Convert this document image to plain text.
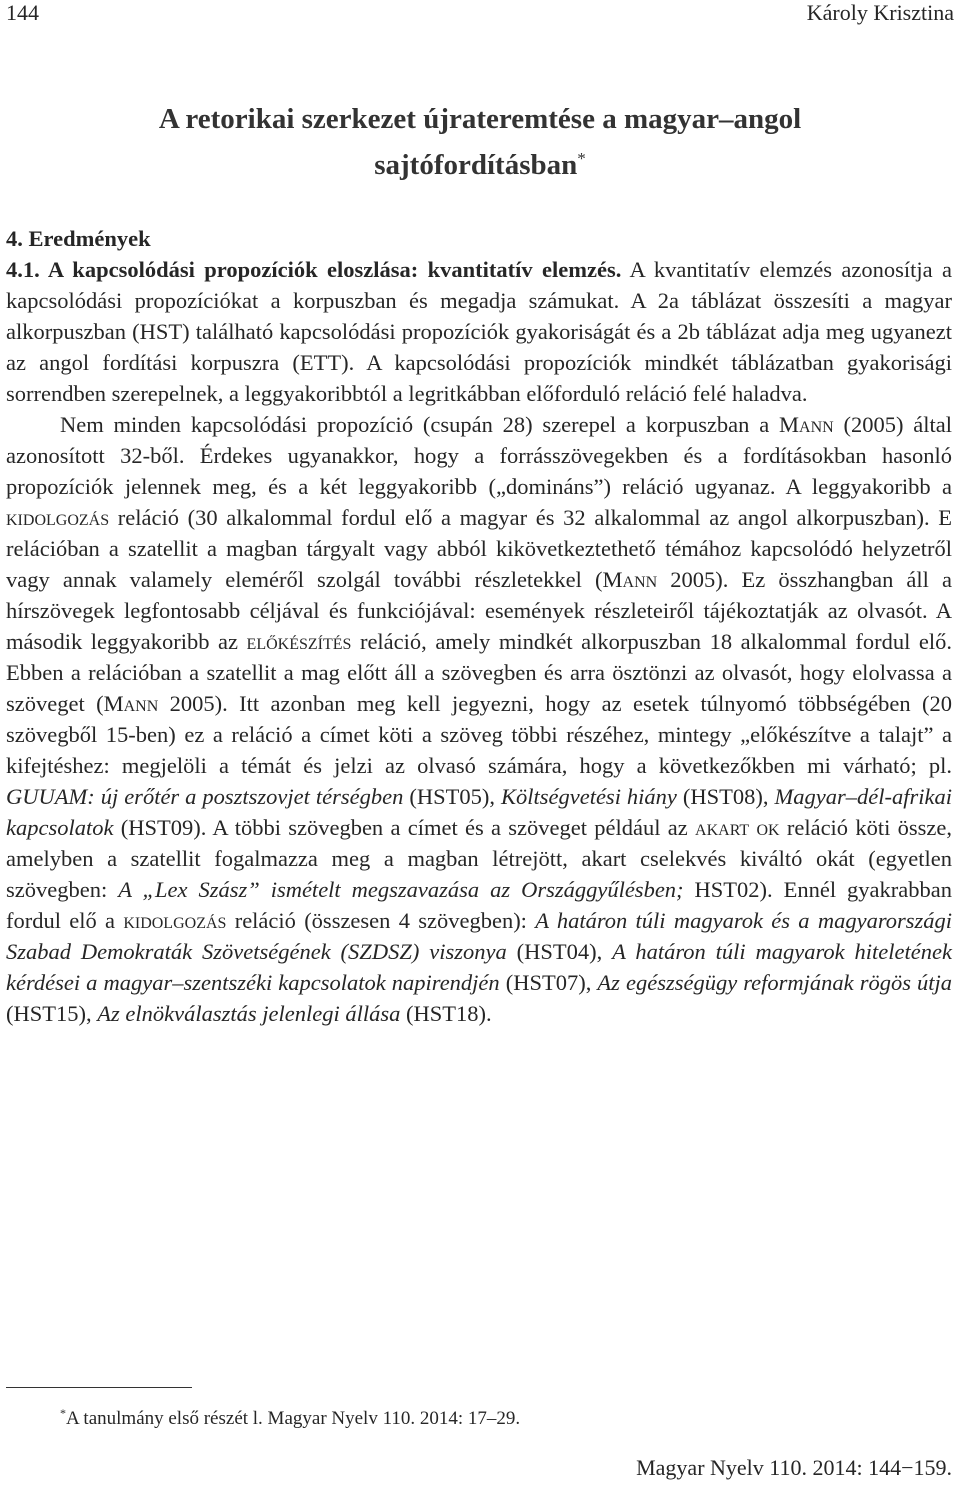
144	Károly Krisztina
A retorikai szerkezet újrateremtése a magyar–angol
sajtófordításban*

4. Eredmények

4.1. A kapcsolódási propozíciók eloszlása: kvantitatív elemzés. A kvantitatív elemzés azonosítja a kapcsolódási propozíciókat a korpuszban és megadja számukat. A 2a táblázat összesíti a magyar alkorpuszban (HST) található kapcsolódási propozíciók gyakoriságát és a 2b táblázat adja meg ugyanezt az angol fordítási korpuszra (ETT). A kapcsolódási propozíciók mindkét táblázatban gyakorisági sorrendben szerepelnek, a leggyakoribbtól a legritkábban előforduló reláció felé haladva.

Nem minden kapcsolódási propozíció (csupán 28) szerepel a korpuszban a Mann (2005) által azonosított 32-ből. Érdekes ugyanakkor, hogy a forrásszövegekben és a fordításokban hasonló propozíciók jelennek meg, és a két leggyakoribb („domináns”) reláció ugyanaz. A leggyakoribb a kidolgozás reláció (30 alkalommal fordul elő a magyar és 32 alkalommal az angol alkorpuszban). E relációban a szatellit a magban tárgyalt vagy abból kikövetkeztethető témához kapcsolódó helyzetről vagy annak valamely eleméről szolgál további részletekkel (Mann 2005). Ez összhangban áll a hírszövegek legfontosabb céljával és funkciójával: események részleteiről tájékoztatják az olvasót. A második leggyakoribb az előkészítés reláció, amely mindkét alkorpuszban 18 alkalommal fordul elő. Ebben a relációban a szatellit a mag előtt áll a szövegben és arra ösztönzi az olvasót, hogy elolvassa a szöveget (Mann 2005). Itt azonban meg kell jegyezni, hogy az esetek túlnyomó többségében (20 szövegből 15-ben) ez a reláció a címet köti a szöveg többi részéhez, mintegy „előkészítve a talajt” a kifejtéshez: megjelöli a témát és jelzi az olvasó számára, hogy a következőkben mi várható; pl. GUUAM: új erőtér a posztszovjet térségben (HST05), Költségvetési hiány (HST08), Magyar–dél-afrikai kapcsolatok (HST09). A többi szövegben a címet és a szöveget például az akart ok reláció köti össze, amelyben a szatellit fogalmazza meg a magban létrejött, akart cselekvés kiváltó okát (egyetlen szövegben: A „Lex Szász” ismételt megszavazása az Országgyűlésben; HST02). Ennél gyakrabban fordul elő a kidolgozás reláció (összesen 4 szövegben): A határon túli magyarok és a magyarországi Szabad Demokraták Szövetségének (SZDSZ) viszonya (HST04), A határon túli magyarok hiteletének kérdései a magyar–szentszéki kapcsolatok napirendjén (HST07), Az egészségügy reformjának rögös útja (HST15), Az elnökválasztás jelenlegi állása (HST18).

*A tanulmány első részét l. Magyar Nyelv 110. 2014: 17–29.
Magyar Nyelv 110. 2014: 144−159.
